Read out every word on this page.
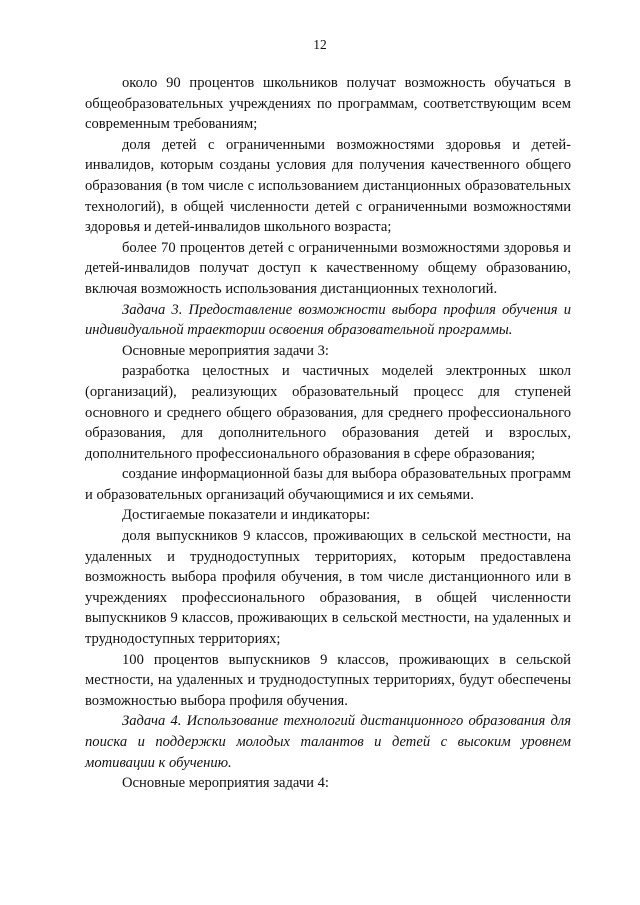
12

около 90 процентов школьников получат возможность обучаться в общеобразовательных учреждениях по программам, соответствующим всем современным требованиям;

доля детей с ограниченными возможностями здоровья и детей-инвалидов, которым созданы условия для получения качественного общего образования (в том числе с использованием дистанционных образовательных технологий), в общей численности детей с ограниченными возможностями здоровья и детей-инвалидов школьного возраста;

более 70 процентов детей с ограниченными возможностями здоровья и детей-инвалидов получат доступ к качественному общему образованию, включая возможность использования дистанционных технологий.

Задача 3. Предоставление возможности выбора профиля обучения и индивидуальной траектории освоения образовательной программы.

Основные мероприятия задачи 3:

разработка целостных и частичных моделей электронных школ (организаций), реализующих образовательный процесс для ступеней основного и среднего общего образования, для среднего профессионального образования, для дополнительного образования детей и взрослых, дополнительного профессионального образования в сфере образования;

создание информационной базы для выбора образовательных программ и образовательных организаций обучающимися и их семьями.

Достигаемые показатели и индикаторы:

доля выпускников 9 классов, проживающих в сельской местности, на удаленных и труднодоступных территориях, которым предоставлена возможность выбора профиля обучения, в том числе дистанционного или в учреждениях профессионального образования, в общей численности выпускников 9 классов, проживающих в сельской местности, на удаленных и труднодоступных территориях;

100 процентов выпускников 9 классов, проживающих в сельской местности, на удаленных и труднодоступных территориях, будут обеспечены возможностью выбора профиля обучения.

Задача 4. Использование технологий дистанционного образования для поиска и поддержки молодых талантов и детей с высоким уровнем мотивации к обучению.

Основные мероприятия задачи 4:
